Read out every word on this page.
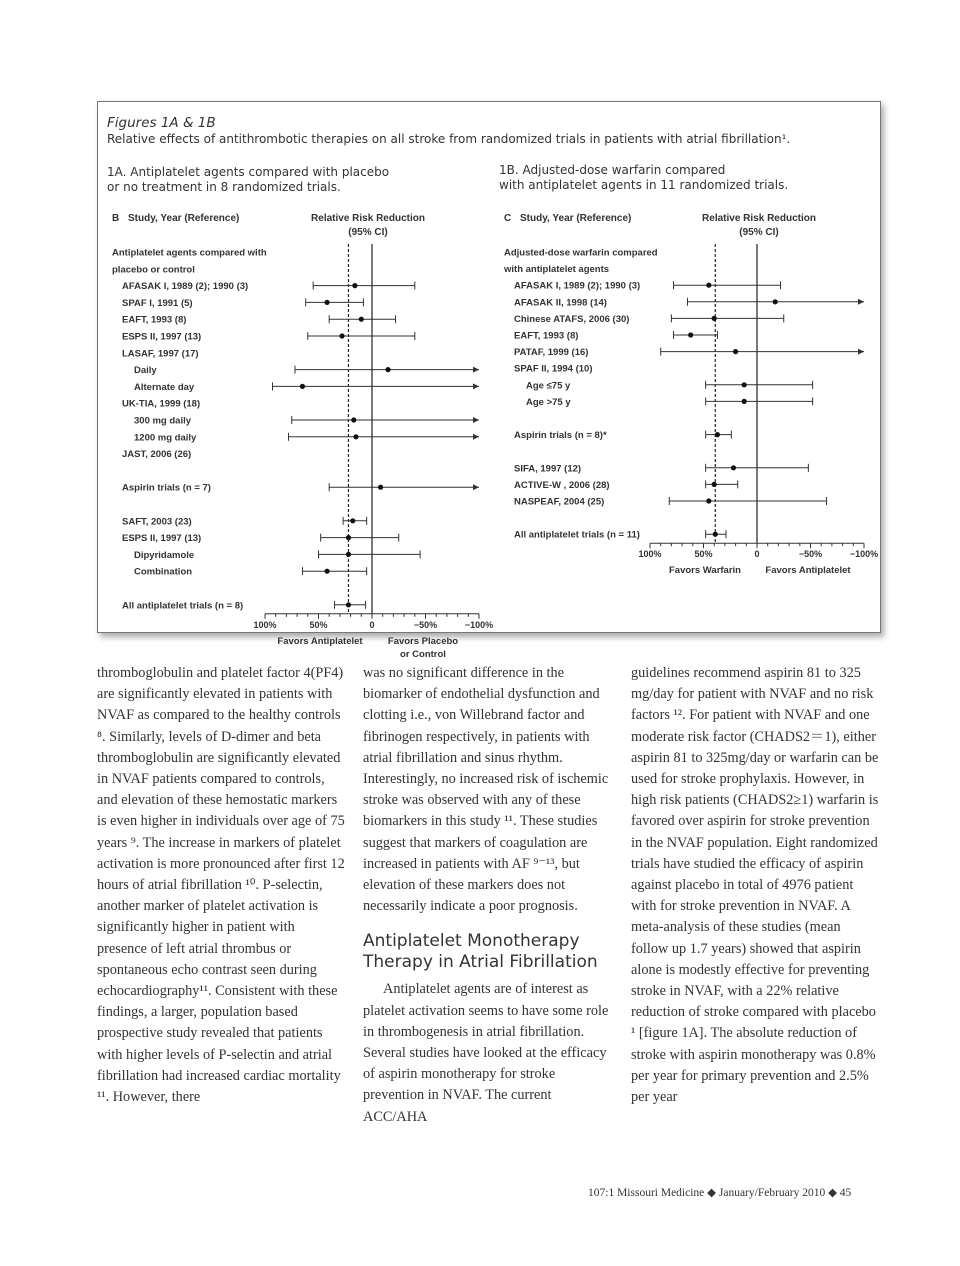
Figures 1A & 1B
Relative effects of antithrombotic therapies on all stroke from randomized trials in patients with atrial fibrillation¹.
1A. Antiplatelet agents compared with placebo
or no treatment in 8 randomized trials.
1B. Adjusted-dose warfarin compared
with antiplatelet agents in 11 randomized trials.
B Study, Year (Reference)	Relative Risk Reduction
(95% CI)
Antiplatelet agents compared with
placebo or control
AFASAK I, 1989 (2); 1990 (3)
SPAF I, 1991 (5)
EAFT, 1993 (8)
ESPS II, 1997 (13)
LASAF, 1997 (17)
Daily
Alternate day
UK-TIA, 1999 (18)
300 mg daily
1200 mg daily
JAST, 2006 (26)
Aspirin trials (n = 7)
SAFT, 2003 (23)
ESPS II, 1997 (13)
Dipyridamole
Combination
All antiplatelet trials (n = 8)
100%	50%	0	−50%	−100%
Favors Antiplatelet	Favors Placebo
or Control
C Study, Year (Reference)	Relative Risk Reduction
(95% CI)
Adjusted-dose warfarin compared
with antiplatelet agents
AFASAK I, 1989 (2); 1990 (3)
AFASAK II, 1998 (14)
Chinese ATAFS, 2006 (30)
EAFT, 1993 (8)
PATAF, 1999 (16)
SPAF II, 1994 (10)
Age ≤75 y
Age >75 y
Aspirin trials (n = 8)*
SIFA, 1997 (12)
ACTIVE-W , 2006 (28)
NASPEAF, 2004 (25)
All antiplatelet trials (n = 11)
100%	50%	0	−50%	−100%
Favors Warfarin	Favors Antiplatelet

thromboglobulin and platelet factor 4(PF4) are significantly elevated in patients with NVAF as compared to the healthy controls ⁸. Similarly, levels of D-dimer and beta thromboglobulin are significantly elevated in NVAF patients compared to controls, and elevation of these hemostatic markers is even higher in individuals over age of 75 years ⁹. The increase in markers of platelet activation is more pronounced after first 12 hours of atrial fibrillation ¹⁰. P-selectin, another marker of platelet activation is significantly higher in patient with presence of left atrial thrombus or spontaneous echo contrast seen during echocardiography¹¹. Consistent with these findings, a larger, population based prospective study revealed that patients with higher levels of P-selectin and atrial fibrillation had increased cardiac mortality ¹¹. However, there

was no significant difference in the biomarker of endothelial dysfunction and clotting i.e., von Willebrand factor and fibrinogen respectively, in patients with atrial fibrillation and sinus rhythm. Interestingly, no increased risk of ischemic stroke was observed with any of these biomarkers in this study ¹¹. These studies suggest that markers of coagulation are increased in patients with AF ⁹⁻¹³, but elevation of these markers does not necessarily indicate a poor prognosis.

Antiplatelet Monotherapy Therapy in Atrial Fibrillation

Antiplatelet agents are of interest as platelet activation seems to have some role in thrombogenesis in atrial fibrillation. Several studies have looked at the efficacy of aspirin monotherapy for stroke prevention in NVAF. The current ACC/AHA

guidelines recommend aspirin 81 to 325 mg/day for patient with NVAF and no risk factors ¹². For patient with NVAF and one moderate risk factor (CHADS2＝1), either aspirin 81 to 325mg/day or warfarin can be used for stroke prophylaxis. However, in high risk patients (CHADS2≥1) warfarin is favored over aspirin for stroke prevention in the NVAF population. Eight randomized trials have studied the efficacy of aspirin against placebo in total of 4976 patient with for stroke prevention in NVAF. A meta-analysis of these studies (mean follow up 1.7 years) showed that aspirin alone is modestly effective for preventing stroke in NVAF, with a 22% relative reduction of stroke compared with placebo ¹ [figure 1A]. The absolute reduction of stroke with aspirin monotherapy was 0.8% per year for primary prevention and 2.5% per year

107:1 Missouri Medicine ◆ January/February 2010 ◆ 45
